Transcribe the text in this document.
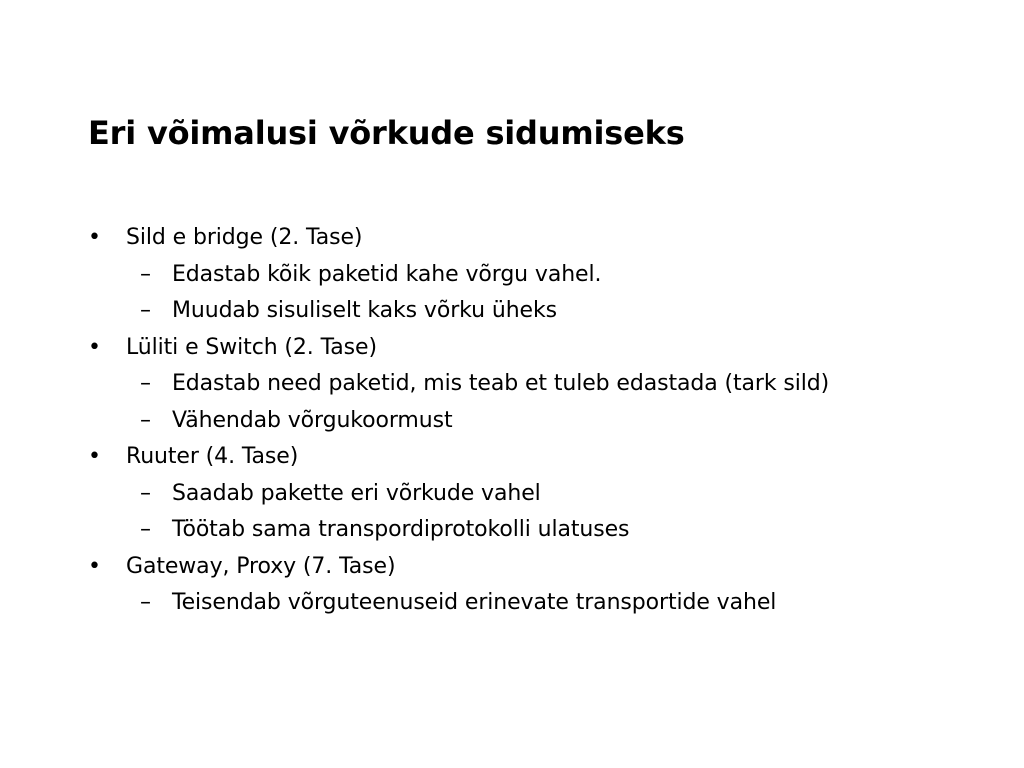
Eri võimalusi võrkude sidumiseks
•	Sild e bridge (2. Tase)
– Edastab kõik paketid kahe võrgu vahel.
– Muudab sisuliselt kaks võrku üheks
•	Lüliti e Switch (2. Tase)
– Edastab need paketid, mis teab et tuleb edastada (tark sild)
– Vähendab võrgukoormust
•	Ruuter (4. Tase)
– Saadab pakette eri võrkude vahel
– Töötab sama transpordiprotokolli ulatuses
•	Gateway, Proxy (7. Tase)
– Teisendab võrguteenuseid erinevate transportide vahel
